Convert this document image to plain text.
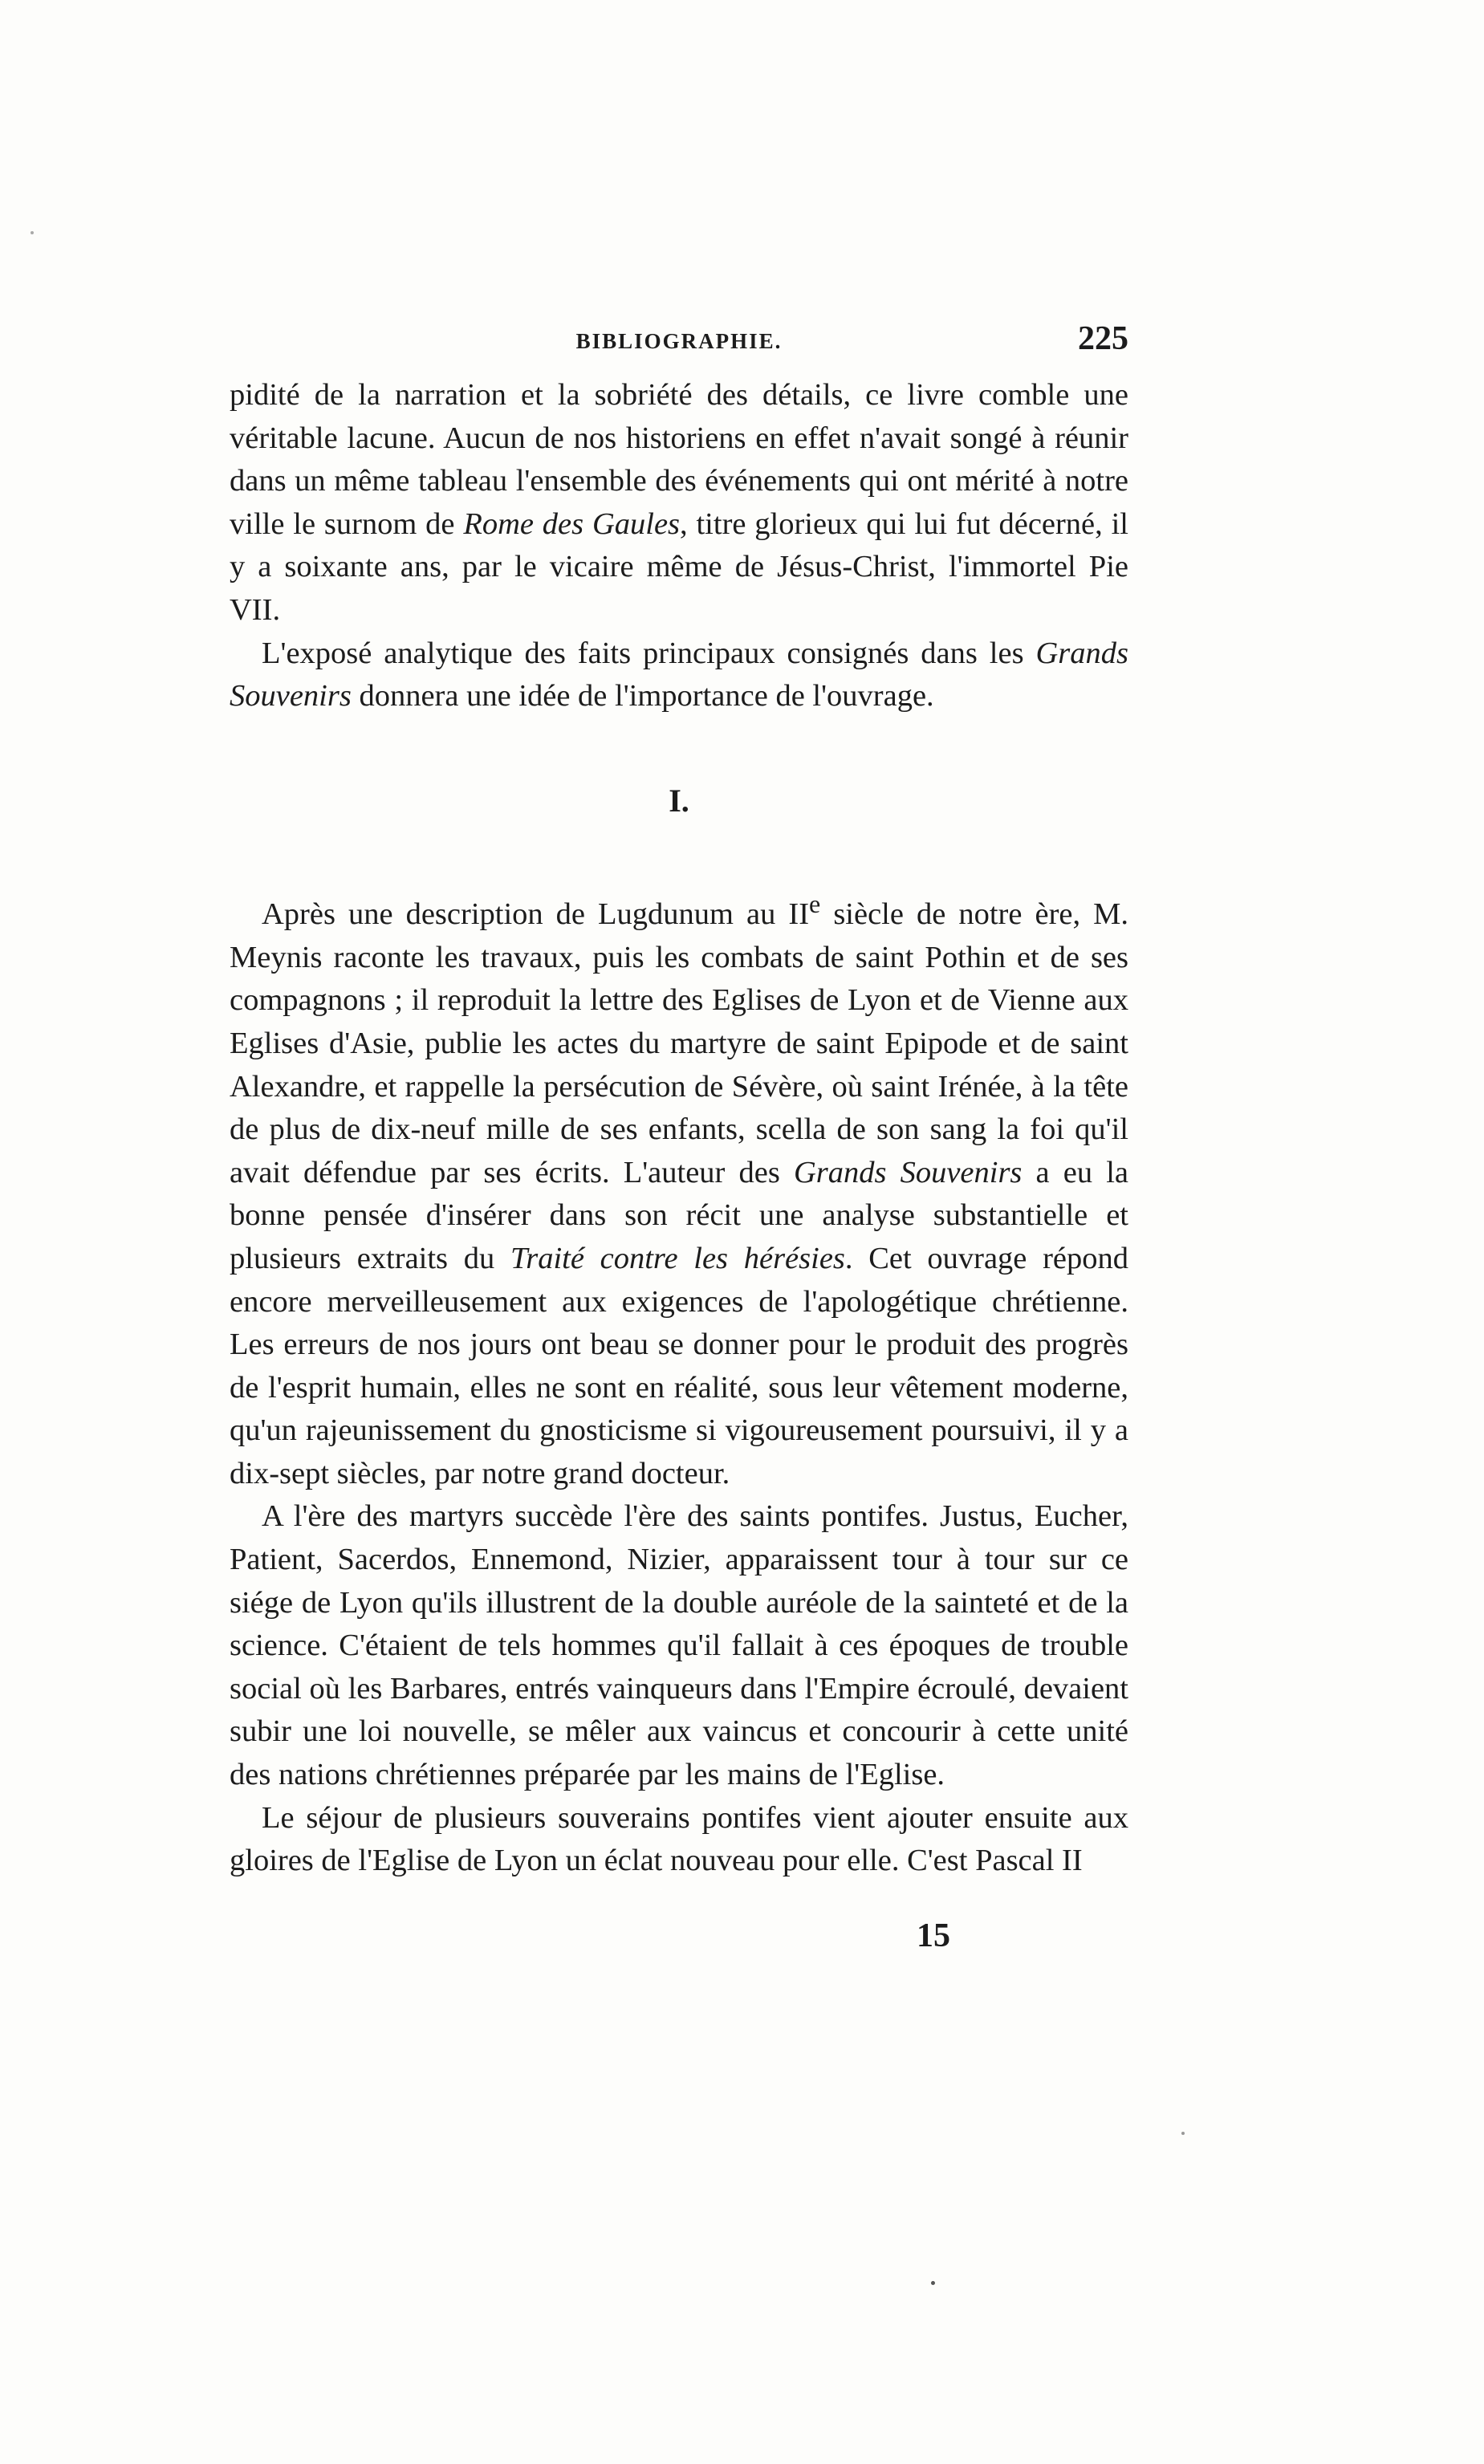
BIBLIOGRAPHIE.	225

pidité de la narration et la sobriété des détails, ce livre comble une véritable lacune. Aucun de nos historiens en effet n'avait songé à réunir dans un même tableau l'ensemble des événements qui ont mérité à notre ville le surnom de Rome des Gaules, titre glorieux qui lui fut décerné, il y a soixante ans, par le vicaire même de Jésus-Christ, l'immortel Pie VII.

L'exposé analytique des faits principaux consignés dans les Grands Souvenirs donnera une idée de l'importance de l'ouvrage.

I.

Après une description de Lugdunum au IIe siècle de notre ère, M. Meynis raconte les travaux, puis les combats de saint Pothin et de ses compagnons ; il reproduit la lettre des Eglises de Lyon et de Vienne aux Eglises d'Asie, publie les actes du martyre de saint Epipode et de saint Alexandre, et rappelle la persécution de Sévère, où saint Irénée, à la tête de plus de dix-neuf mille de ses enfants, scella de son sang la foi qu'il avait défendue par ses écrits. L'auteur des Grands Souvenirs a eu la bonne pensée d'insérer dans son récit une analyse substantielle et plusieurs extraits du Traité contre les hérésies. Cet ouvrage répond encore merveilleusement aux exigences de l'apologétique chrétienne. Les erreurs de nos jours ont beau se donner pour le produit des progrès de l'esprit humain, elles ne sont en réalité, sous leur vêtement moderne, qu'un rajeunissement du gnosticisme si vigoureusement poursuivi, il y a dix-sept siècles, par notre grand docteur.

A l'ère des martyrs succède l'ère des saints pontifes. Justus, Eucher, Patient, Sacerdos, Ennemond, Nizier, apparaissent tour à tour sur ce siége de Lyon qu'ils illustrent de la double auréole de la sainteté et de la science. C'étaient de tels hommes qu'il fallait à ces époques de trouble social où les Barbares, entrés vainqueurs dans l'Empire écroulé, devaient subir une loi nouvelle, se mêler aux vaincus et concourir à cette unité des nations chrétiennes préparée par les mains de l'Eglise.

Le séjour de plusieurs souverains pontifes vient ajouter ensuite aux gloires de l'Eglise de Lyon un éclat nouveau pour elle. C'est Pascal II

15
